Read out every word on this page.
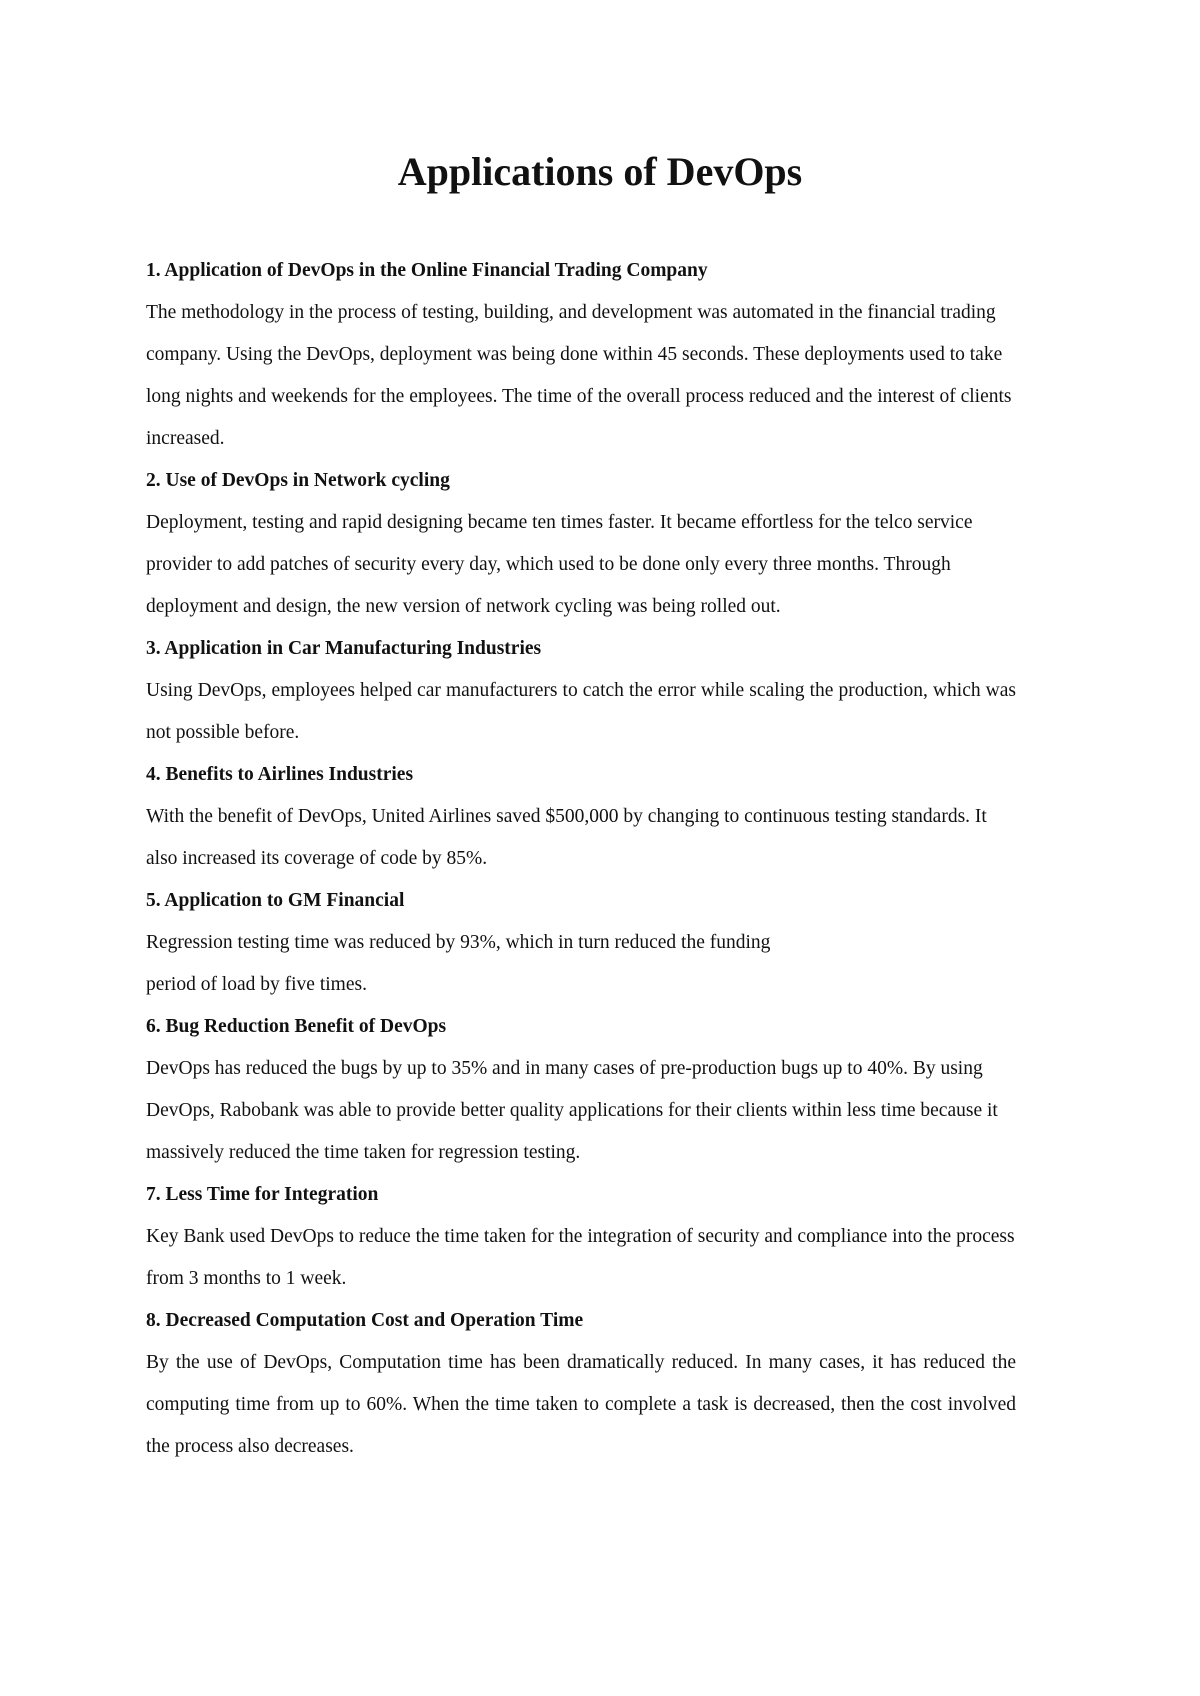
Applications of DevOps

1. Application of DevOps in the Online Financial Trading Company

The methodology in the process of testing, building, and development was automated in the financial trading company. Using the DevOps, deployment was being done within 45 seconds. These deployments used to take long nights and weekends for the employees. The time of the overall process reduced and the interest of clients increased.

2. Use of DevOps in Network cycling

Deployment, testing and rapid designing became ten times faster. It became effortless for the telco service provider to add patches of security every day, which used to be done only every three months. Through deployment and design, the new version of network cycling was being rolled out.

3. Application in Car Manufacturing Industries

Using DevOps, employees helped car manufacturers to catch the error while scaling the production, which was not possible before.

4. Benefits to Airlines Industries

With the benefit of DevOps, United Airlines saved $500,000 by changing to continuous testing standards. It also increased its coverage of code by 85%.

5. Application to GM Financial

Regression testing time was reduced by 93%, which in turn reduced the funding
period of load by five times.

6. Bug Reduction Benefit of DevOps

DevOps has reduced the bugs by up to 35% and in many cases of pre-production bugs up to 40%. By using DevOps, Rabobank was able to provide better quality applications for their clients within less time because it massively reduced the time taken for regression testing.

7. Less Time for Integration

Key Bank used DevOps to reduce the time taken for the integration of security and compliance into the process from 3 months to 1 week.

8. Decreased Computation Cost and Operation Time

By the use of DevOps, Computation time has been dramatically reduced. In many cases, it has reduced the computing time from up to 60%. When the time taken to complete a task is decreased, then the cost involved the process also decreases.
